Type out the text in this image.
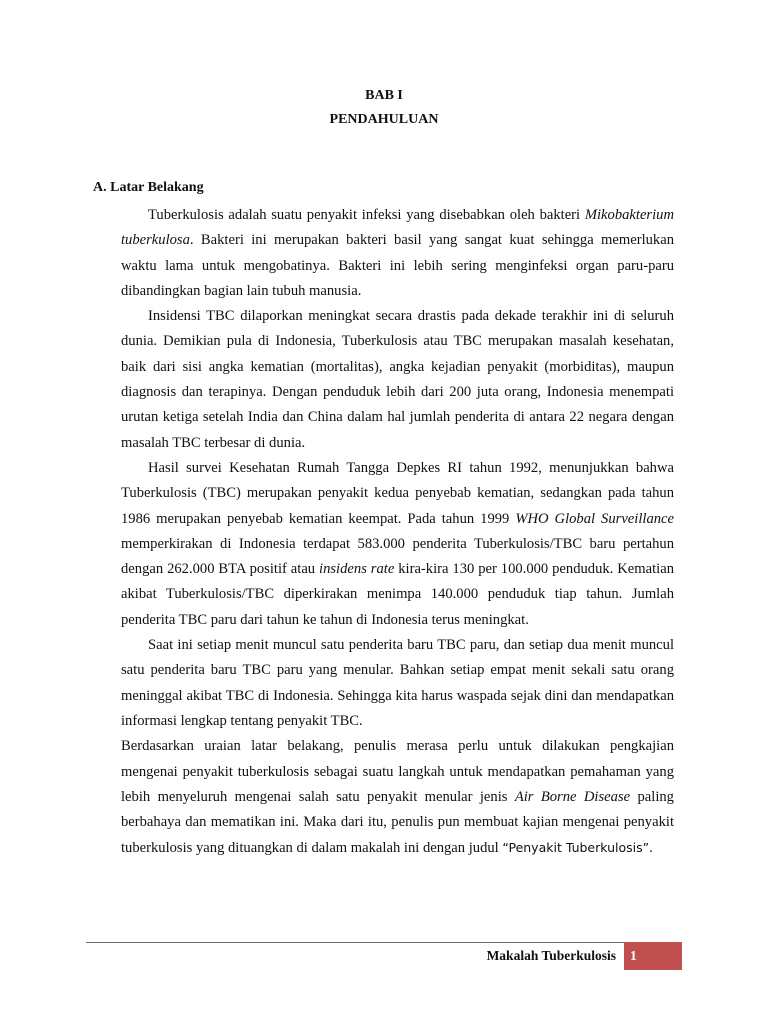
BAB I
PENDAHULUAN
A. Latar Belakang

Tuberkulosis adalah suatu penyakit infeksi yang disebabkan oleh bakteri Mikobakterium tuberkulosa. Bakteri ini merupakan bakteri basil yang sangat kuat sehingga memerlukan waktu lama untuk mengobatinya. Bakteri ini lebih sering menginfeksi organ paru-paru dibandingkan bagian lain tubuh manusia.

Insidensi TBC dilaporkan meningkat secara drastis pada dekade terakhir ini di seluruh dunia. Demikian pula di Indonesia, Tuberkulosis atau TBC merupakan masalah kesehatan, baik dari sisi angka kematian (mortalitas), angka kejadian penyakit (morbiditas), maupun diagnosis dan terapinya. Dengan penduduk lebih dari 200 juta orang, Indonesia menempati urutan ketiga setelah India dan China dalam hal jumlah penderita di antara 22 negara dengan masalah TBC terbesar di dunia.

Hasil survei Kesehatan Rumah Tangga Depkes RI tahun 1992, menunjukkan bahwa Tuberkulosis (TBC) merupakan penyakit kedua penyebab kematian, sedangkan pada tahun 1986 merupakan penyebab kematian keempat. Pada tahun 1999 WHO Global Surveillance memperkirakan di Indonesia terdapat 583.000 penderita Tuberkulosis/TBC baru pertahun dengan 262.000 BTA positif atau insidens rate kira-kira 130 per 100.000 penduduk. Kematian akibat Tuberkulosis/TBC diperkirakan menimpa 140.000 penduduk tiap tahun. Jumlah penderita TBC paru dari tahun ke tahun di Indonesia terus meningkat.

Saat ini setiap menit muncul satu penderita baru TBC paru, dan setiap dua menit muncul satu penderita baru TBC paru yang menular. Bahkan setiap empat menit sekali satu orang meninggal akibat TBC di Indonesia. Sehingga kita harus waspada sejak dini dan mendapatkan informasi lengkap tentang penyakit TBC.

Berdasarkan uraian latar belakang, penulis merasa perlu untuk dilakukan pengkajian mengenai penyakit tuberkulosis sebagai suatu langkah untuk mendapatkan pemahaman yang lebih menyeluruh mengenai salah satu penyakit menular jenis Air Borne Disease paling berbahaya dan mematikan ini. Maka dari itu, penulis pun membuat kajian mengenai penyakit tuberkulosis yang dituangkan di dalam makalah ini dengan judul “Penyakit Tuberkulosis”.

Makalah Tuberkulosis	1
